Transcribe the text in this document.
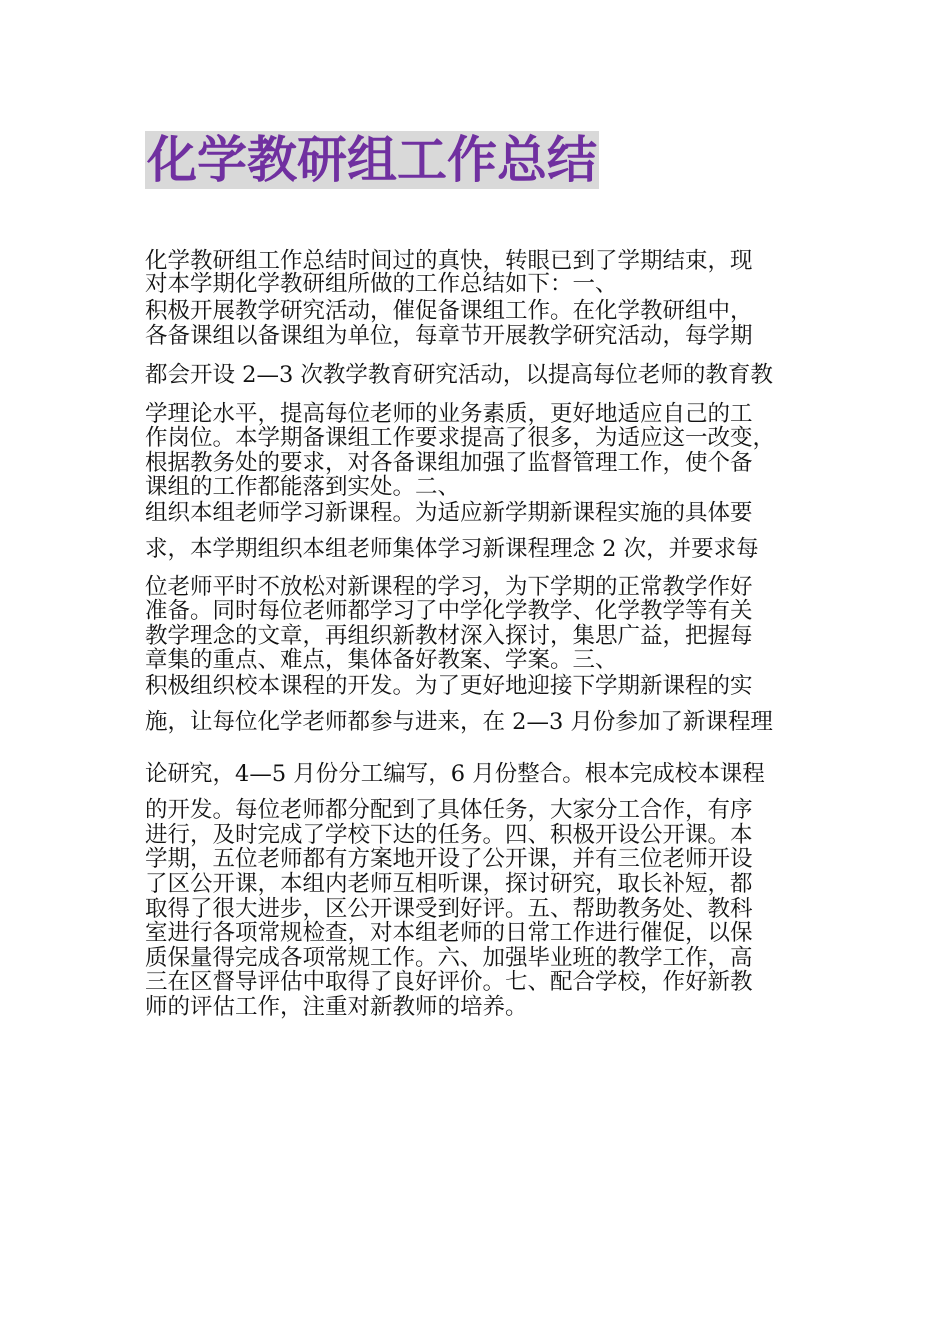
化学教研组工作总结
化学教研组工作总结时间过的真快，转眼已到了学期结束，现
对本学期化学教研组所做的工作总结如下：一、
积极开展教学研究活动，催促备课组工作。在化学教研组中，
各备课组以备课组为单位，每章节开展教学研究活动，每学期
都会开设 2—3 次教学教育研究活动，以提高每位老师的教育教
学理论水平，提高每位老师的业务素质，更好地适应自己的工
作岗位。本学期备课组工作要求提高了很多，为适应这一改变，
根据教务处的要求，对各备课组加强了监督管理工作，使个备
课组的工作都能落到实处。二、
组织本组老师学习新课程。为适应新学期新课程实施的具体要
求，本学期组织本组老师集体学习新课程理念 2 次，并要求每
位老师平时不放松对新课程的学习，为下学期的正常教学作好
准备。同时每位老师都学习了中学化学教学、化学教学等有关
教学理念的文章，再组织新教材深入探讨，集思广益，把握每
章集的重点、难点，集体备好教案、学案。三、
积极组织校本课程的开发。为了更好地迎接下学期新课程的实
施，让每位化学老师都参与进来，在 2—3 月份参加了新课程理
论研究，4—5 月份分工编写，6 月份整合。根本完成校本课程
的开发。每位老师都分配到了具体任务，大家分工合作，有序
进行，及时完成了学校下达的任务。四、积极开设公开课。本
学期，五位老师都有方案地开设了公开课，并有三位老师开设
了区公开课，本组内老师互相听课，探讨研究，取长补短，都
取得了很大进步，区公开课受到好评。五、帮助教务处、教科
室进行各项常规检查，对本组老师的日常工作进行催促，以保
质保量得完成各项常规工作。六、加强毕业班的教学工作，高
三在区督导评估中取得了良好评价。七、配合学校，作好新教
师的评估工作，注重对新教师的培养。
